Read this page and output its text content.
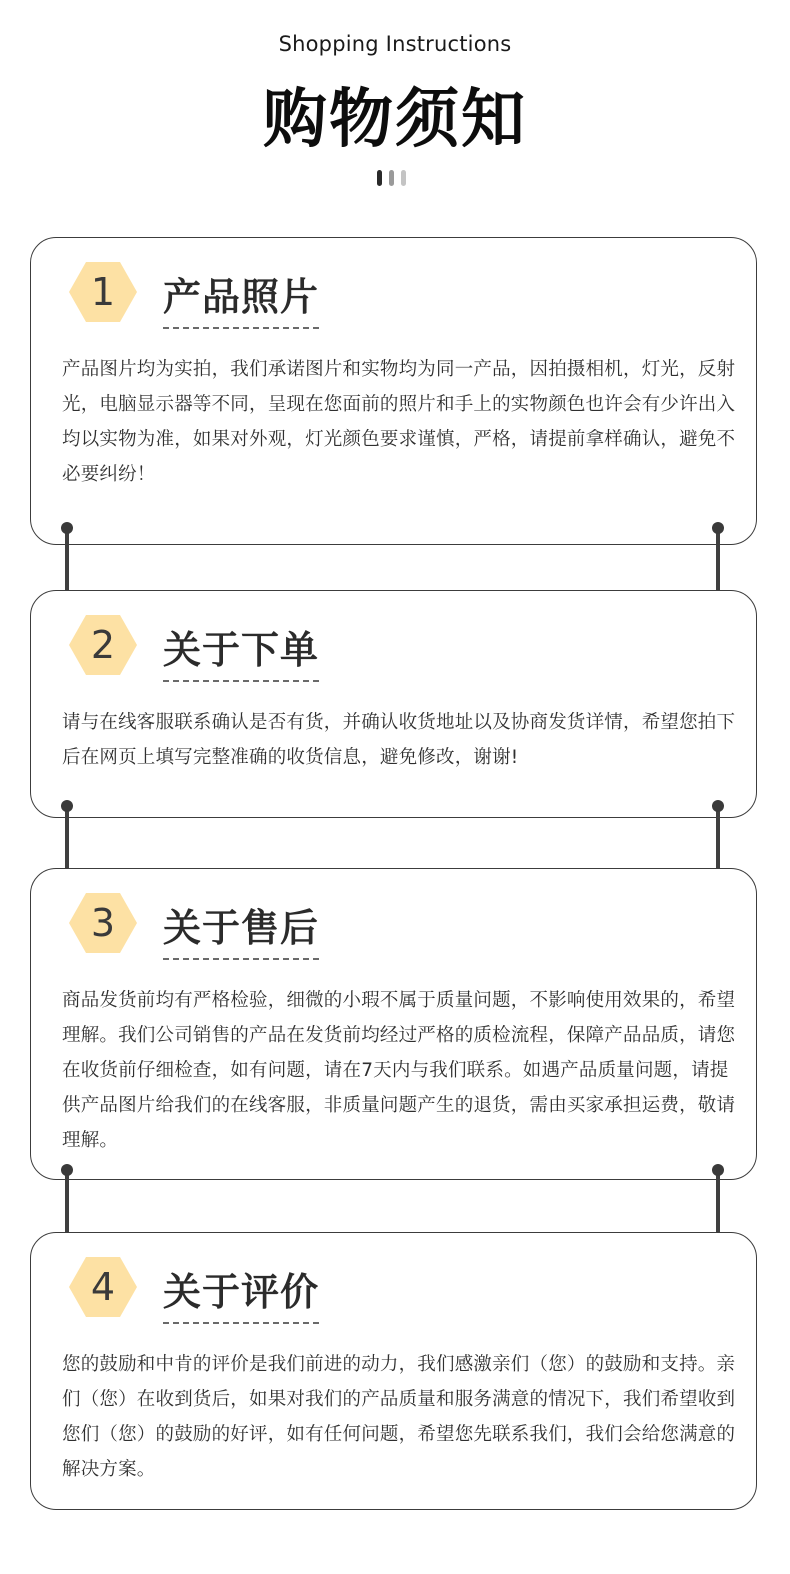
Shopping Instructions
购物须知
1	产品照片
产品图片均为实拍，我们承诺图片和实物均为同一产品，因拍摄相机，灯光，反射光，电脑显示器等不同，呈现在您面前的照片和手上的实物颜色也许会有少许出入均以实物为准，如果对外观，灯光颜色要求谨慎，严格，请提前拿样确认，避免不必要纠纷！
2	关于下单
请与在线客服联系确认是否有货，并确认收货地址以及协商发货详情，希望您拍下后在网页上填写完整准确的收货信息，避免修改，谢谢!
3	关于售后
商品发货前均有严格检验，细微的小瑕不属于质量问题，不影响使用效果的，希望理解。我们公司销售的产品在发货前均经过严格的质检流程，保障产品品质，请您在收货前仔细检查，如有问题，请在7天内与我们联系。如遇产品质量问题，请提供产品图片给我们的在线客服，非质量问题产生的退货，需由买家承担运费，敬请理解。
4	关于评价
您的鼓励和中肯的评价是我们前进的动力，我们感激亲们（您）的鼓励和支持。亲们（您）在收到货后，如果对我们的产品质量和服务满意的情况下，我们希望收到您们（您）的鼓励的好评，如有任何问题，希望您先联系我们，我们会给您满意的解决方案。
